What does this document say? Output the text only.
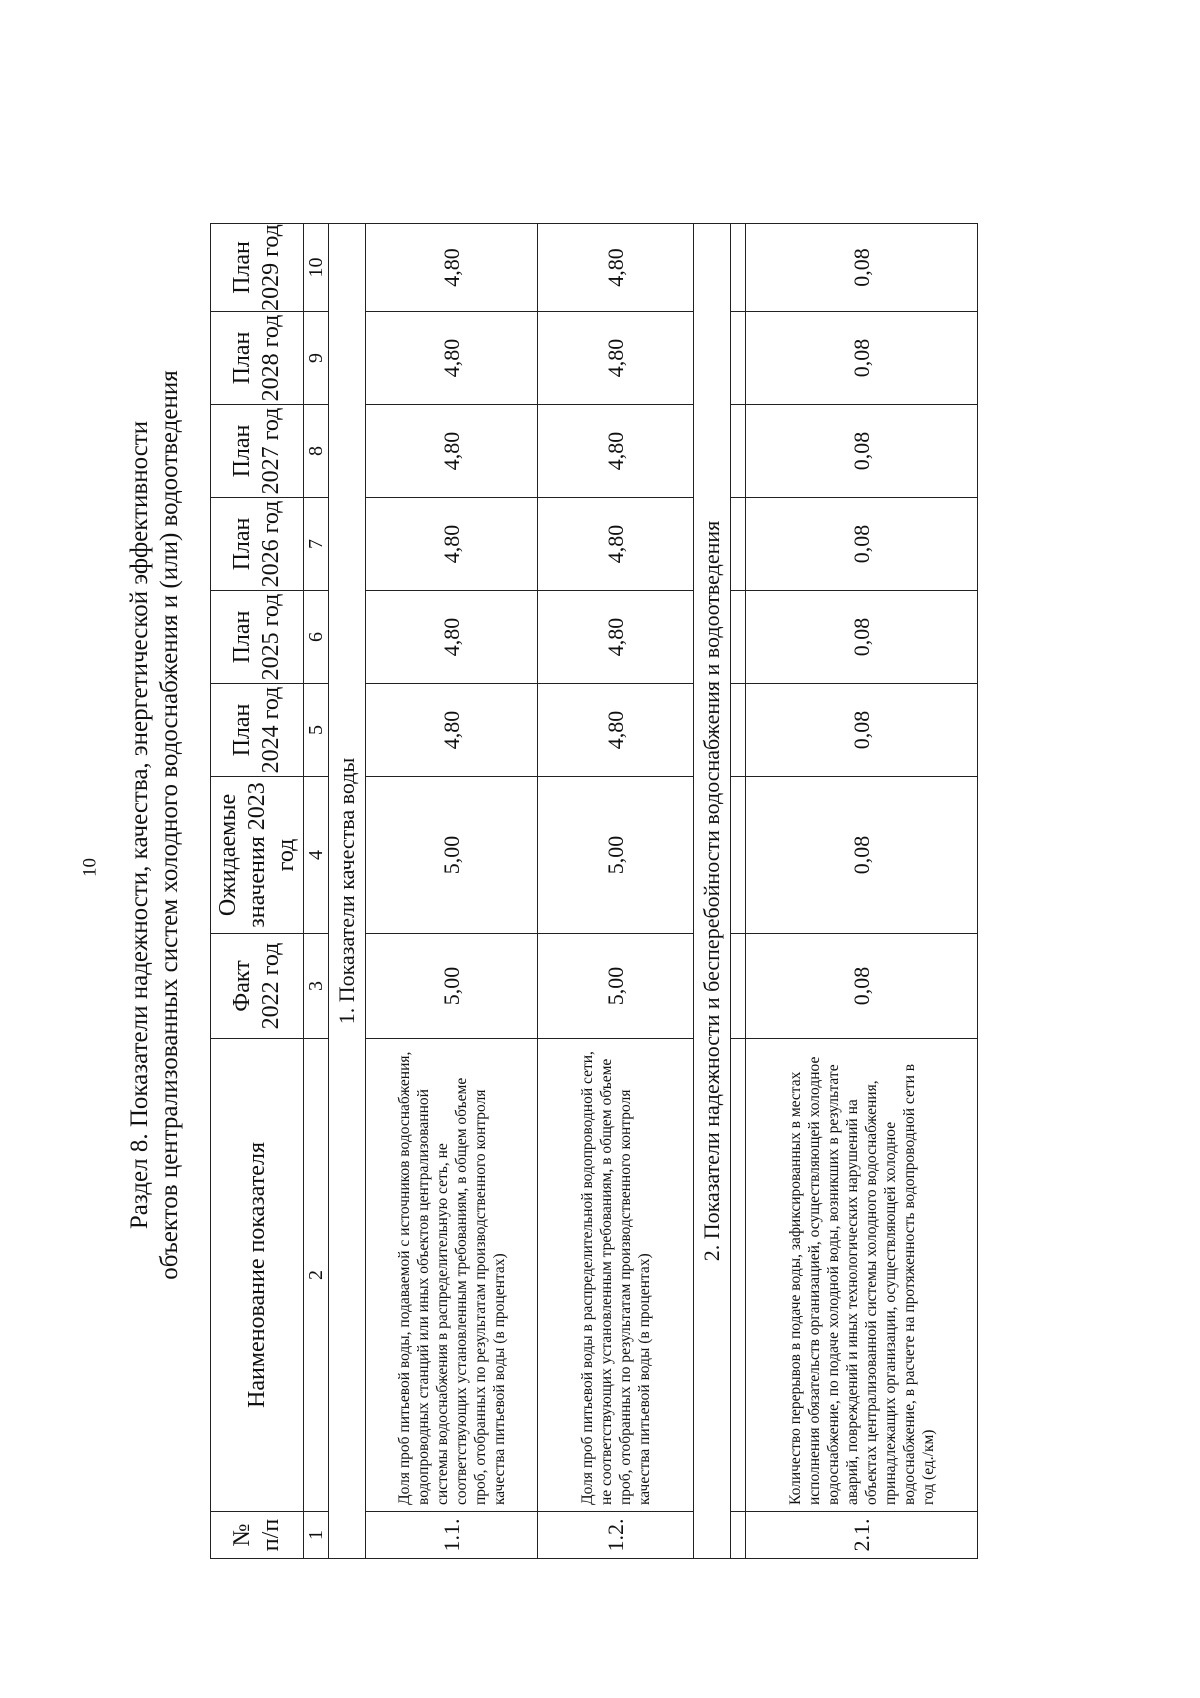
10 Раздел 8. Показатели надежности, качества, энергетической эффективности объектов централизованных систем холодного водоснабжения и (или) водоотведения
№ п/п	Наименование показателя	Факт 2022 год	Ожидаемые значения 2023 год	План 2024 год	План 2025 год	План 2026 год	План 2027 год	План 2028 год	План 2029 год
1	2	3	4	5	6	7	8	9	10
1. Показатели качества воды									
1.1.	Доля проб питьевой воды, подаваемой с источников водоснабжения, водопроводных станций или иных объектов централизованной системы водоснабжения в распределительную сеть, не соответствующих установленным требованиям, в общем объеме проб, отобранных по результатам производственного контроля качества питьевой воды (в процентах)	5,00	5,00	4,80	4,80	4,80	4,80	4,80	4,80
1.2.	Доля проб питьевой воды в распределительной водопроводной сети, не соответствующих установленным требованиям, в общем объеме проб, отобранных по результатам производственного контроля качества питьевой воды (в процентах)	5,00	5,00	4,80	4,80	4,80	4,80	4,80	4,80
2. Показатели надежности и бесперебойности водоснабжения и водоотведения									

2.1.	Количество перерывов в подаче воды, зафиксированных в местах исполнения обязательств организацией, осуществляющей холодное водоснабжение, по подаче холодной воды, возникших в результате аварий, повреждений и иных технологических нарушений на объектах централизованной системы холодного водоснабжения, принадлежащих организации, осуществляющей холодное водоснабжение, в расчете на протяженность водопроводной сети в год (ед./км)	0,08	0,08	0,08	0,08	0,08	0,08	0,08	0,08
